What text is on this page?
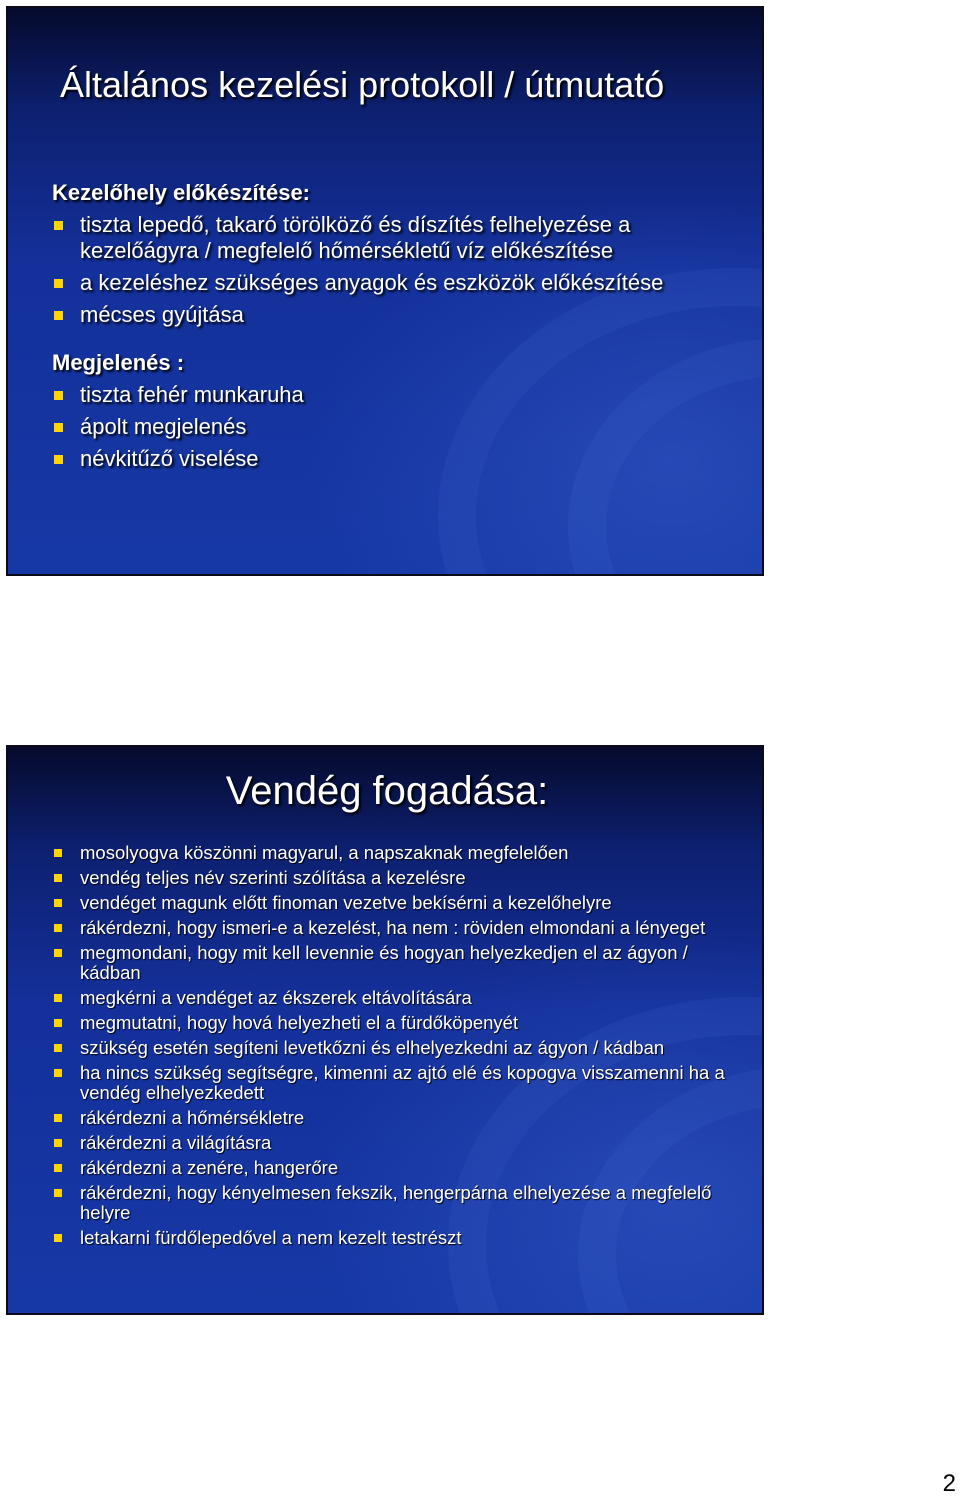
Általános kezelési protokoll / útmutató
Kezelőhely előkészítése:
tiszta lepedő, takaró törölköző és díszítés felhelyezése a kezelőágyra / megfelelő hőmérsékletű víz előkészítése
a kezeléshez szükséges anyagok és eszközök előkészítése
mécses gyújtása
Megjelenés :
tiszta fehér munkaruha
ápolt megjelenés
névkitűző viselése
Vendég fogadása:
mosolyogva köszönni magyarul, a napszaknak megfelelően
vendég teljes név szerinti szólítása a kezelésre
vendéget magunk előtt finoman vezetve bekísérni a kezelőhelyre
rákérdezni, hogy ismeri-e a kezelést, ha nem : röviden elmondani a lényeget
megmondani, hogy mit kell levennie és hogyan helyezkedjen el az ágyon / kádban
megkérni a vendéget az ékszerek eltávolítására
megmutatni, hogy hová helyezheti el a fürdőköpenyét
szükség esetén segíteni levetkőzni és elhelyezkedni az ágyon / kádban
ha nincs szükség segítségre, kimenni az ajtó elé és kopogva visszamenni ha a vendég elhelyezkedett
rákérdezni a hőmérsékletre
rákérdezni a világításra
rákérdezni a zenére, hangerőre
rákérdezni, hogy kényelmesen fekszik, hengerpárna elhelyezése a megfelelő helyre
letakarni fürdőlepedővel a nem kezelt testrészt
2
